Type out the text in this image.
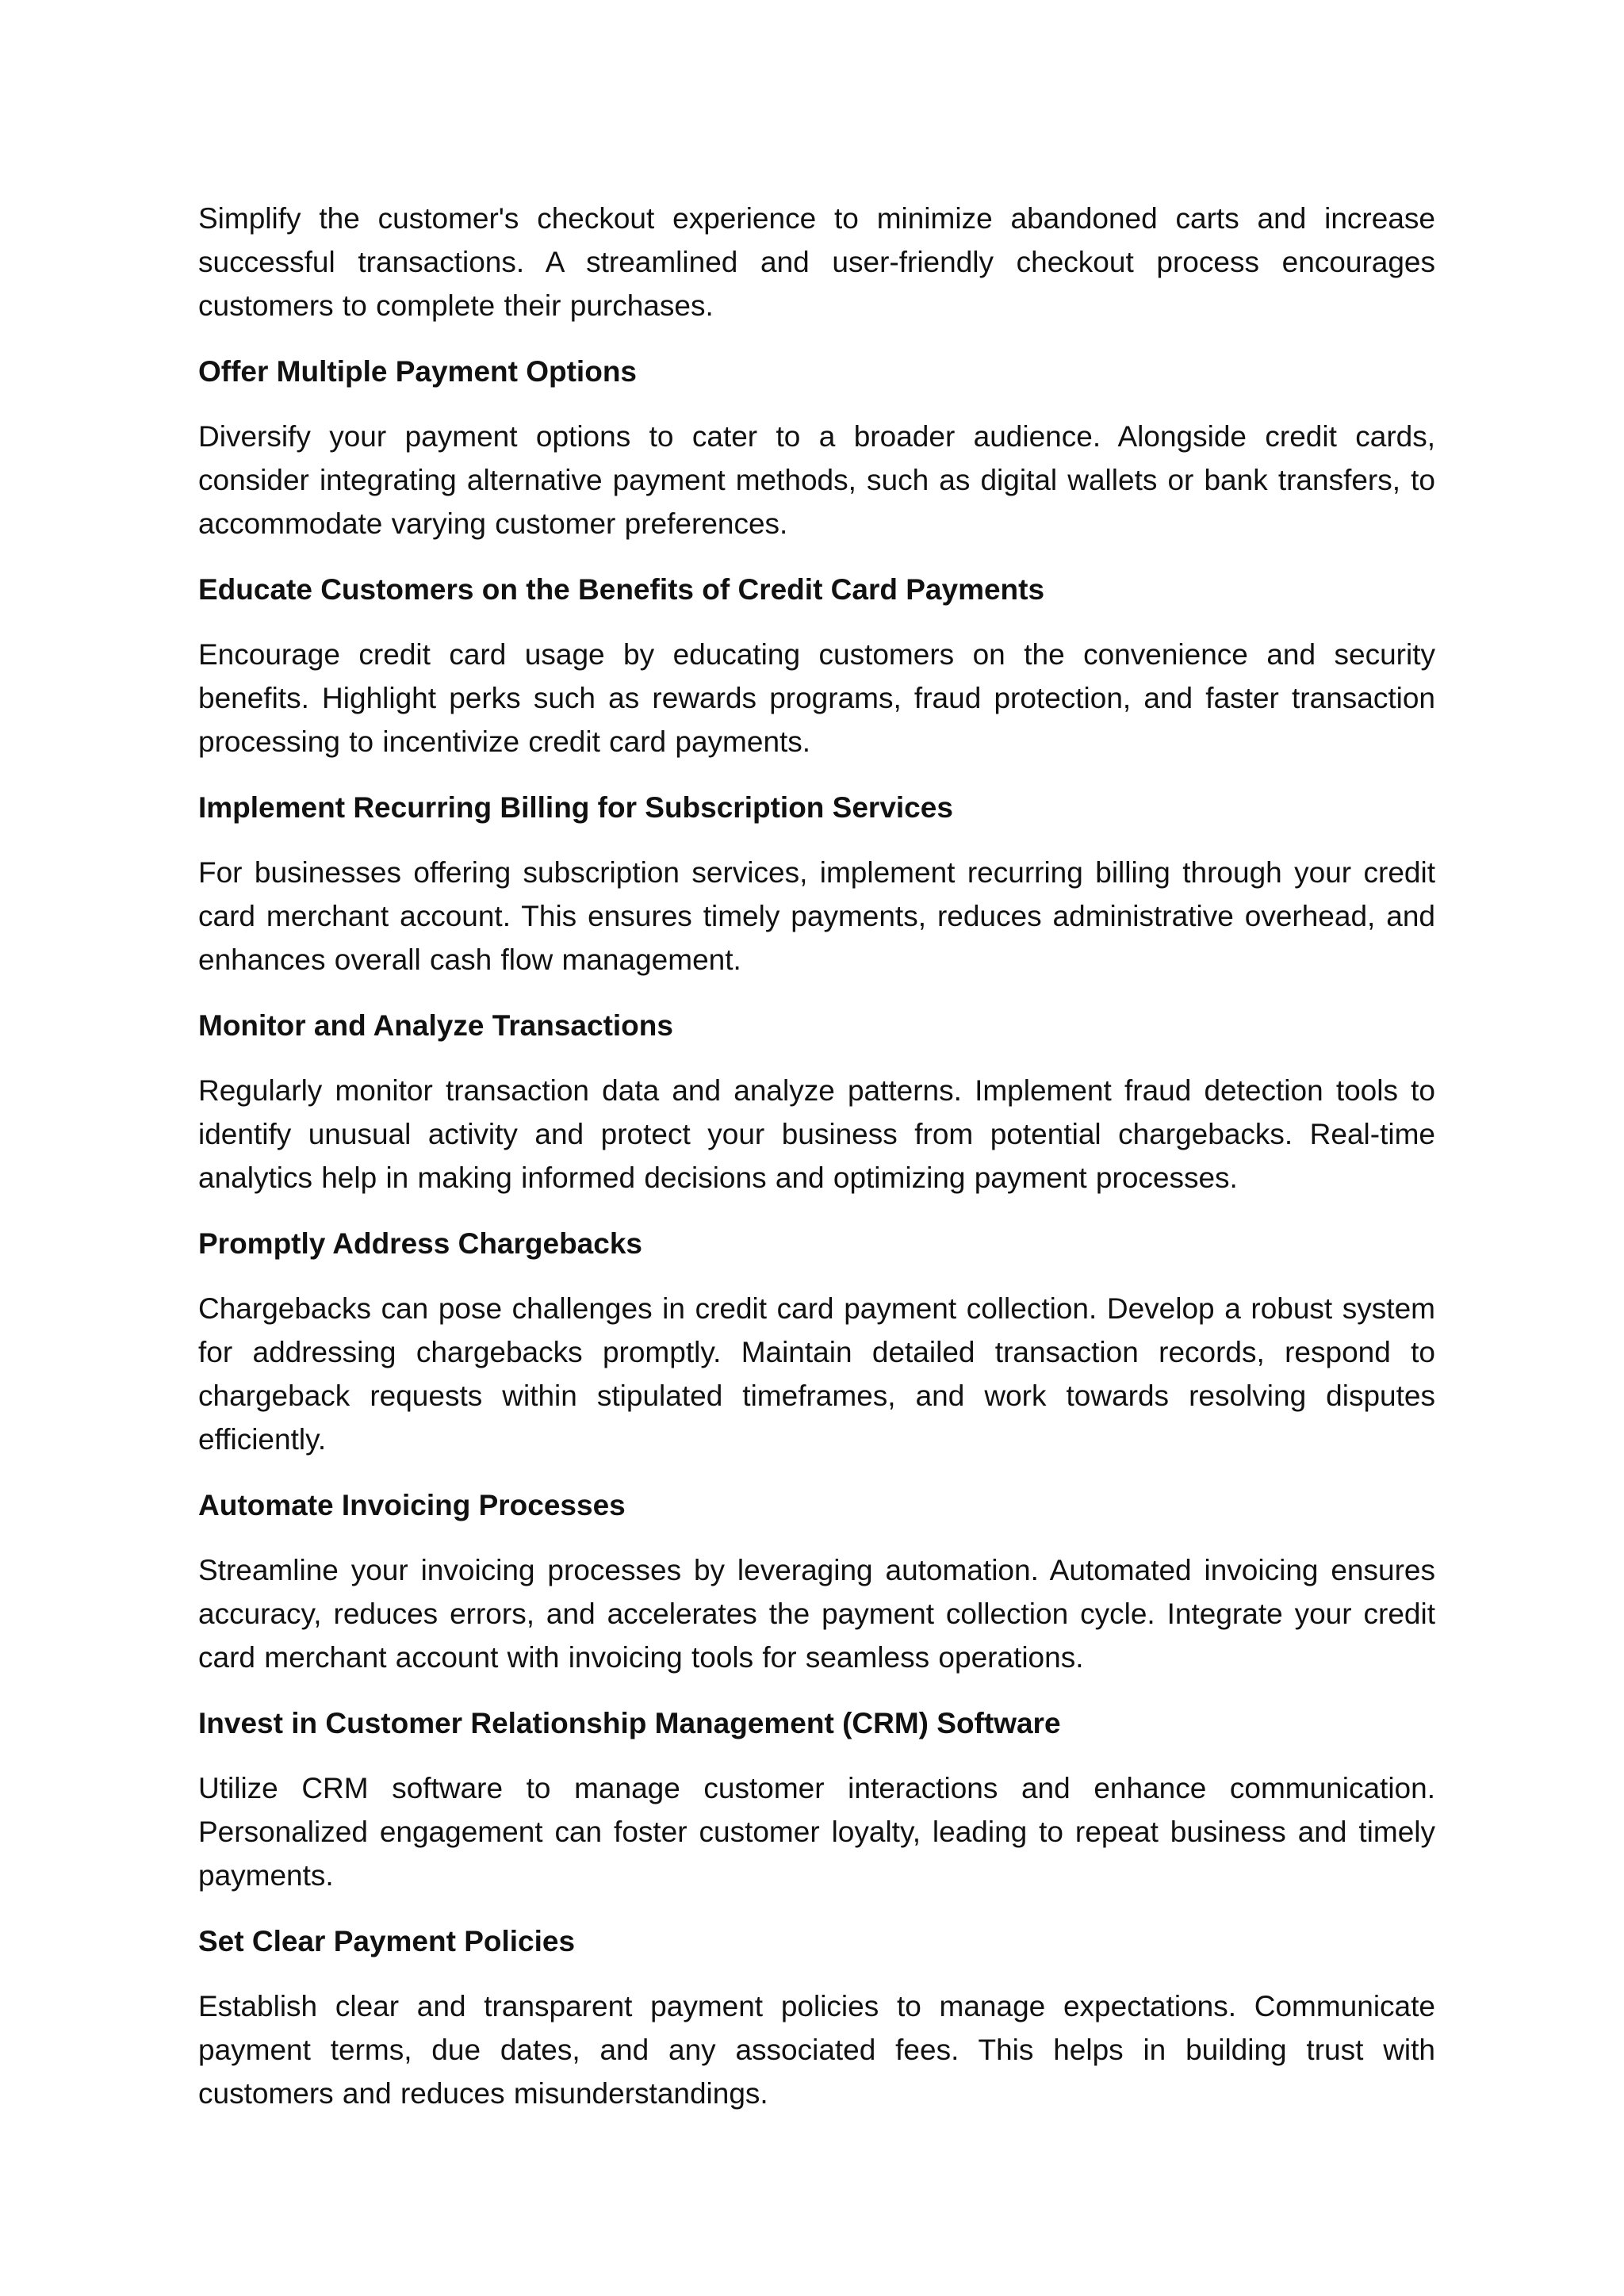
Simplify the customer's checkout experience to minimize abandoned carts and increase successful transactions. A streamlined and user-friendly checkout process encourages customers to complete their purchases.

Offer Multiple Payment Options

Diversify your payment options to cater to a broader audience. Alongside credit cards, consider integrating alternative payment methods, such as digital wallets or bank transfers, to accommodate varying customer preferences.

Educate Customers on the Benefits of Credit Card Payments

Encourage credit card usage by educating customers on the convenience and security benefits. Highlight perks such as rewards programs, fraud protection, and faster transaction processing to incentivize credit card payments.

Implement Recurring Billing for Subscription Services

For businesses offering subscription services, implement recurring billing through your credit card merchant account. This ensures timely payments, reduces administrative overhead, and enhances overall cash flow management.

Monitor and Analyze Transactions

Regularly monitor transaction data and analyze patterns. Implement fraud detection tools to identify unusual activity and protect your business from potential chargebacks. Real-time analytics help in making informed decisions and optimizing payment processes.

Promptly Address Chargebacks

Chargebacks can pose challenges in credit card payment collection. Develop a robust system for addressing chargebacks promptly. Maintain detailed transaction records, respond to chargeback requests within stipulated timeframes, and work towards resolving disputes efficiently.

Automate Invoicing Processes

Streamline your invoicing processes by leveraging automation. Automated invoicing ensures accuracy, reduces errors, and accelerates the payment collection cycle. Integrate your credit card merchant account with invoicing tools for seamless operations.

Invest in Customer Relationship Management (CRM) Software

Utilize CRM software to manage customer interactions and enhance communication. Personalized engagement can foster customer loyalty, leading to repeat business and timely payments.

Set Clear Payment Policies

Establish clear and transparent payment policies to manage expectations. Communicate payment terms, due dates, and any associated fees. This helps in building trust with customers and reduces misunderstandings.
